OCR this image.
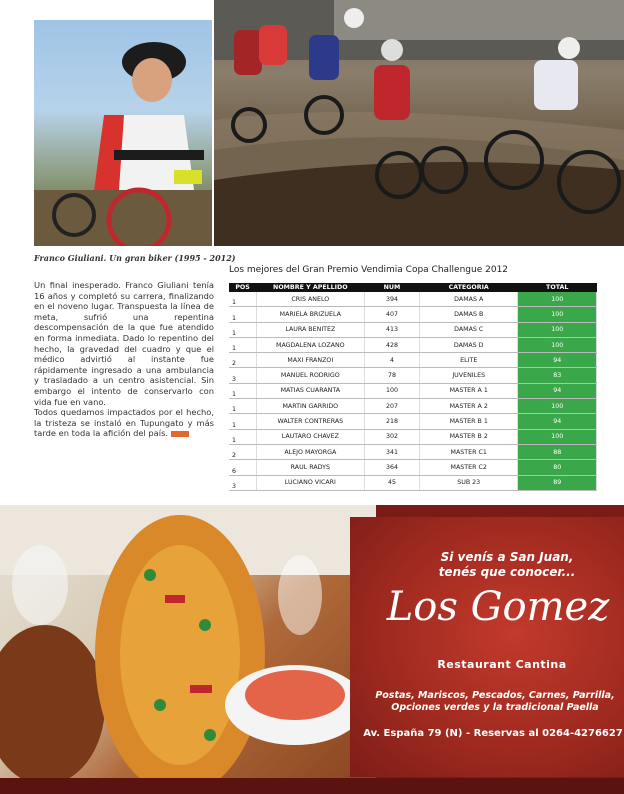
Franco Giuliani. Un gran biker (1995 - 2012)

Un final inesperado. Franco Giuliani tenía 16 años y completó su carrera, finalizando en el noveno lugar. Transpuesta la línea de meta, sufrió una repentina descompensación de la que fue atendido en forma inmediata. Dado lo repentino del hecho, la gravedad del cuadro y que el médico advirtió al instante fue rápidamente ingresado a una ambulancia y trasladado a un centro asistencial. Sin embargo el intento de conservarlo con vida fue en vano.

Todos quedamos impactados por el hecho, la tristeza se instaló en Tupungato y más tarde en toda la afición del país.

Los mejores del Gran Premio Vendimia Copa Challengue 2012
POS	NOMBRE Y APELLIDO	NUM	CATEGORIA	TOTAL
1	CRIS ANELO	394	DAMAS A	100
1	MARIELA BRIZUELA	407	DAMAS B	100
1	LAURA BENITEZ	413	DAMAS C	100
1	MAGDALENA LOZANO	428	DAMAS D	100
2	MAXI FRANZOI	4	ELITE	94
3	MANUEL RODRIGO	78	JUVENILES	83
1	MATIAS CUARANTA	100	MASTER A 1	94
1	MARTIN GARRIDO	207	MASTER A 2	100
1	WALTER CONTRERAS	218	MASTER B 1	94
1	LAUTARO CHAVEZ	302	MASTER B 2	100
2	ALEJO MAYORGA	341	MASTER C1	88
6	RAUL RADYS	364	MASTER C2	80
3	LUCIANO VICARI	45	SUB 23	89
Si venís a San Juan,
tenés que conocer...
Los Gomez
Restaurant Cantina
Postas, Mariscos, Pescados, Carnes, Parrilla,
Opciones verdes y la tradicional Paella
Av. España 79 (N) - Reservas al 0264-4276627
